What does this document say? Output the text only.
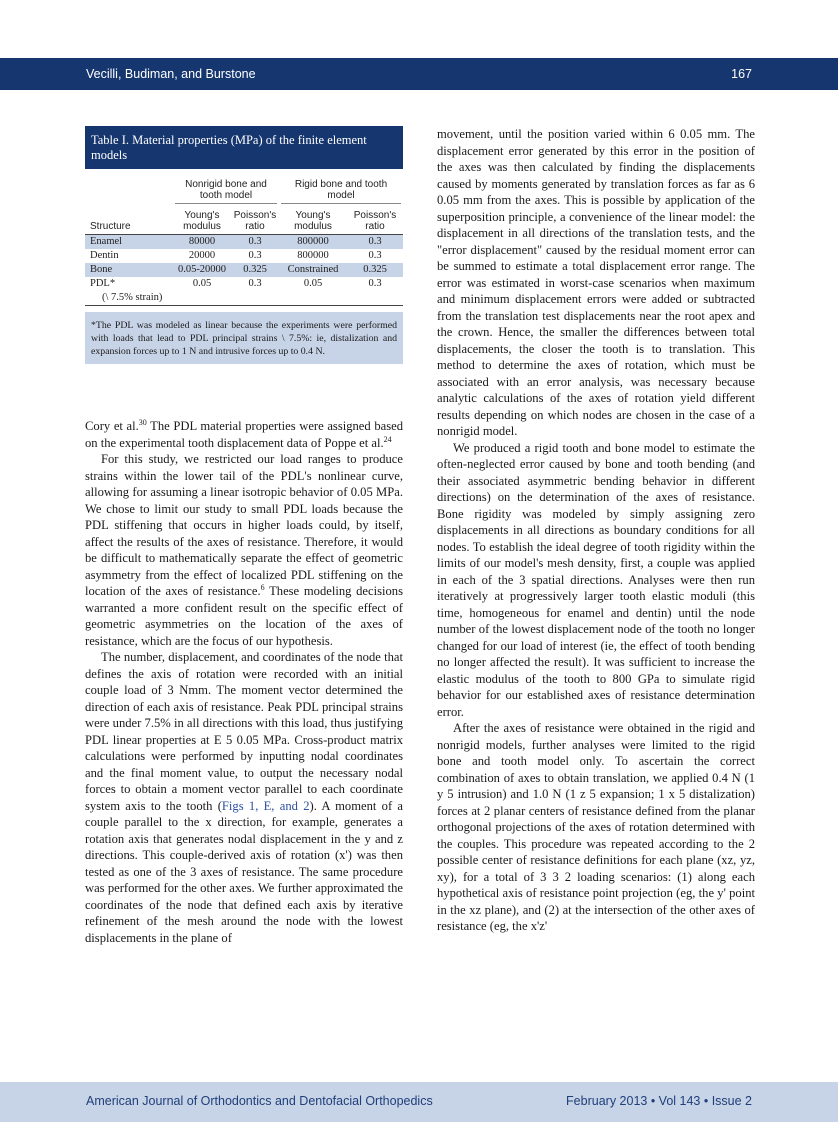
Vecilli, Budiman, and Burstone	167
Table I. Material properties (MPa) of the finite element models

	Nonrigid bone and tooth model		Rigid bone and tooth model	

Structure	Young's modulus	Poisson's ratio	Young's modulus	Poisson's ratio
Enamel	80000	0.3	800000	0.3
Dentin	20000	0.3	800000	0.3
Bone	0.05-20000	0.325	Constrained	0.325
PDL*	0.05	0.3	0.05	0.3
(\ 7.5% strain)				
*The PDL was modeled as linear because the experiments were performed with loads that lead to PDL principal strains \ 7.5%: ie, distalization and expansion forces up to 1 N and intrusive forces up to 0.4 N.

Cory et al.$^{30}$ The PDL material properties were assigned based on the experimental tooth displacement data of Poppe et al.$^{24}$

For this study, we restricted our load ranges to produce strains within the lower tail of the PDL's nonlinear curve, allowing for assuming a linear isotropic behavior of 0.05 MPa. We chose to limit our study to small PDL loads because the PDL stiffening that occurs in higher loads could, by itself, affect the results of the axes of resistance. Therefore, it would be difficult to mathematically separate the effect of geometric asymmetry from the effect of localized PDL stiffening on the location of the axes of resistance.$^6$ These modeling decisions warranted a more confident result on the specific effect of geometric asymmetries on the location of the axes of resistance, which are the focus of our hypothesis.

The number, displacement, and coordinates of the node that defines the axis of rotation were recorded with an initial couple load of 3 Nmm. The moment vector determined the direction of each axis of resistance. Peak PDL principal strains were under 7.5% in all directions with this load, thus justifying PDL linear properties at E 5 0.05 MPa. Cross-product matrix calculations were performed by inputting nodal coordinates and the final moment value, to output the necessary nodal forces to obtain a moment vector parallel to each coordinate system axis to the tooth (Figs 1, E, and 2). A moment of a couple parallel to the x direction, for example, generates a rotation axis that generates nodal displacement in the y and z directions. This couple-derived axis of rotation (x') was then tested as one of the 3 axes of resistance. The same procedure was performed for the other axes. We further approximated the coordinates of the node that defined each axis by iterative refinement of the mesh around the node with the lowest displacements in the plane of

movement, until the position varied within 6 0.05 mm. The displacement error generated by this error in the position of the axes was then calculated by finding the displacements caused by moments generated by translation forces as far as 6 0.05 mm from the axes. This is possible by application of the superposition principle, a convenience of the linear model: the displacement in all directions of the translation tests, and the "error displacement" caused by the residual moment error can be summed to estimate a total displacement error range. The error was estimated in worst-case scenarios when maximum and minimum displacement errors were added or subtracted from the translation test displacements near the root apex and the crown. Hence, the smaller the differences between total displacements, the closer the tooth is to translation. This method to determine the axes of rotation, which must be associated with an error analysis, was necessary because analytic calculations of the axes of rotation yield different results depending on which nodes are chosen in the case of a nonrigid model.

We produced a rigid tooth and bone model to estimate the often-neglected error caused by bone and tooth bending (and their associated asymmetric bending behavior in different directions) on the determination of the axes of resistance. Bone rigidity was modeled by simply assigning zero displacements in all directions as boundary conditions for all nodes. To establish the ideal degree of tooth rigidity within the limits of our model's mesh density, first, a couple was applied in each of the 3 spatial directions. Analyses were then run iteratively at progressively larger tooth elastic moduli (this time, homogeneous for enamel and dentin) until the node number of the lowest displacement node of the tooth no longer changed for our load of interest (ie, the effect of tooth bending no longer affected the result). It was sufficient to increase the elastic modulus of the tooth to 800 GPa to simulate rigid behavior for our established axes of resistance determination error.

After the axes of resistance were obtained in the rigid and nonrigid models, further analyses were limited to the rigid bone and tooth model only. To ascertain the correct combination of axes to obtain translation, we applied 0.4 N (1 y 5 intrusion) and 1.0 N (1 z 5 expansion; 1 x 5 distalization) forces at 2 planar centers of resistance defined from the planar orthogonal projections of the axes of rotation determined with the couples. This procedure was repeated according to the 2 possible center of resistance definitions for each plane (xz, yz, xy), for a total of 3 3 2 loading scenarios: (1) along each hypothetical axis of resistance point projection (eg, the y' point in the xz plane), and (2) at the intersection of the other axes of resistance (eg, the x'z'

American Journal of Orthodontics and Dentofacial Orthopedics	February 2013 • Vol 143 • Issue 2
